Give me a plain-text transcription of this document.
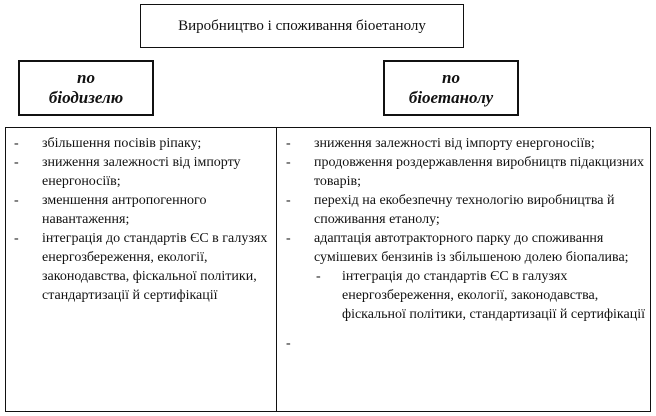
Виробництво і споживання біоетанолу
по
біодизелю
по
біоетанолу
- збільшення посівів ріпаку;
- зниження залежності від імпорту енергоносіїв;
- зменшення антропогенного навантаження;
- інтеграція до стандартів ЄС в галузях енергозбереження, екології, законодавства, фіскальної політики, стандартизації й сертифікації
- зниження залежності від імпорту енергоносіїв;
- продовження роздержавлення виробництв підакцизних товарів;
- перехід на екобезпечну технологію виробництва й споживання етанолу;
- адаптація автотракторного парку до споживання сумішевих бензинів із збільшеною долею біопалива;
- інтеграція до стандартів ЄС в галузях енергозбереження, екології, законодавства, фіскальної політики, стандартизації й сертифікації
-
